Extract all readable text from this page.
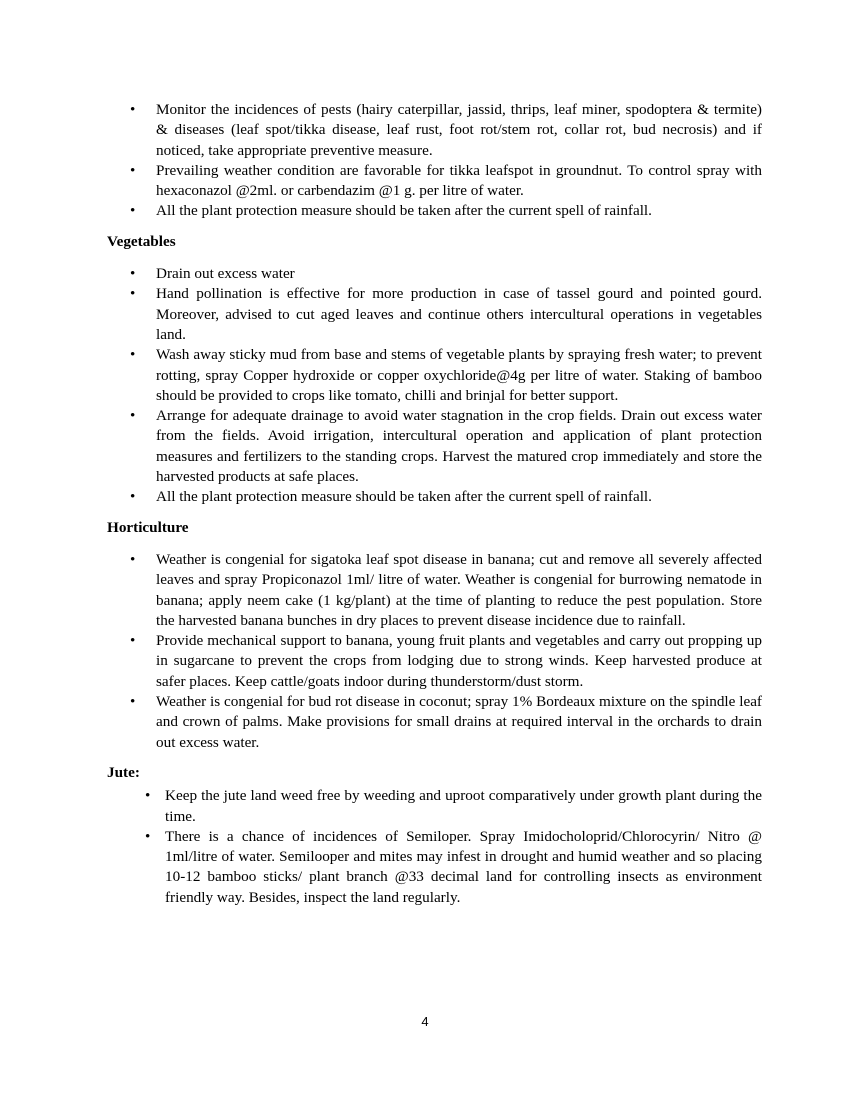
• Monitor the incidences of pests (hairy caterpillar, jassid, thrips, leaf miner, spodoptera & termite) & diseases (leaf spot/tikka disease, leaf rust, foot rot/stem rot, collar rot, bud necrosis) and if noticed, take appropriate preventive measure.
• Prevailing weather condition are favorable for tikka leafspot in groundnut. To control spray with hexaconazol @2ml. or carbendazim @1 g. per litre of water.
• All the plant protection measure should be taken after the current spell of rainfall.

Vegetables

• Drain out excess water
• Hand pollination is effective for more production in case of tassel gourd and pointed gourd. Moreover, advised to cut aged leaves and continue others intercultural operations in vegetables land.
• Wash away sticky mud from base and stems of vegetable plants by spraying fresh water; to prevent rotting, spray Copper hydroxide or copper oxychloride@4g per litre of water. Staking of bamboo should be provided to crops like tomato, chilli and brinjal for better support.
• Arrange for adequate drainage to avoid water stagnation in the crop fields. Drain out excess water from the fields. Avoid irrigation, intercultural operation and application of plant protection measures and fertilizers to the standing crops. Harvest the matured crop immediately and store the harvested products at safe places.
• All the plant protection measure should be taken after the current spell of rainfall.

Horticulture

• Weather is congenial for sigatoka leaf spot disease in banana; cut and remove all severely affected leaves and spray Propiconazol 1ml/ litre of water. Weather is congenial for burrowing nematode in banana; apply neem cake (1 kg/plant) at the time of planting to reduce the pest population. Store the harvested banana bunches in dry places to prevent disease incidence due to rainfall.
• Provide mechanical support to banana, young fruit plants and vegetables and carry out propping up in sugarcane to prevent the crops from lodging due to strong winds. Keep harvested produce at safer places. Keep cattle/goats indoor during thunderstorm/dust storm.
• Weather is congenial for bud rot disease in coconut; spray 1% Bordeaux mixture on the spindle leaf and crown of palms. Make provisions for small drains at required interval in the orchards to drain out excess water.

Jute:

• Keep the jute land weed free by weeding and uproot comparatively under growth plant during the time.
• There is a chance of incidences of Semiloper. Spray Imidocholoprid/Chlorocyrin/ Nitro @ 1ml/litre of water. Semilooper and mites may infest in drought and humid weather and so placing 10-12 bamboo sticks/ plant branch @33 decimal land for controlling insects as environment friendly way. Besides, inspect the land regularly.
4
